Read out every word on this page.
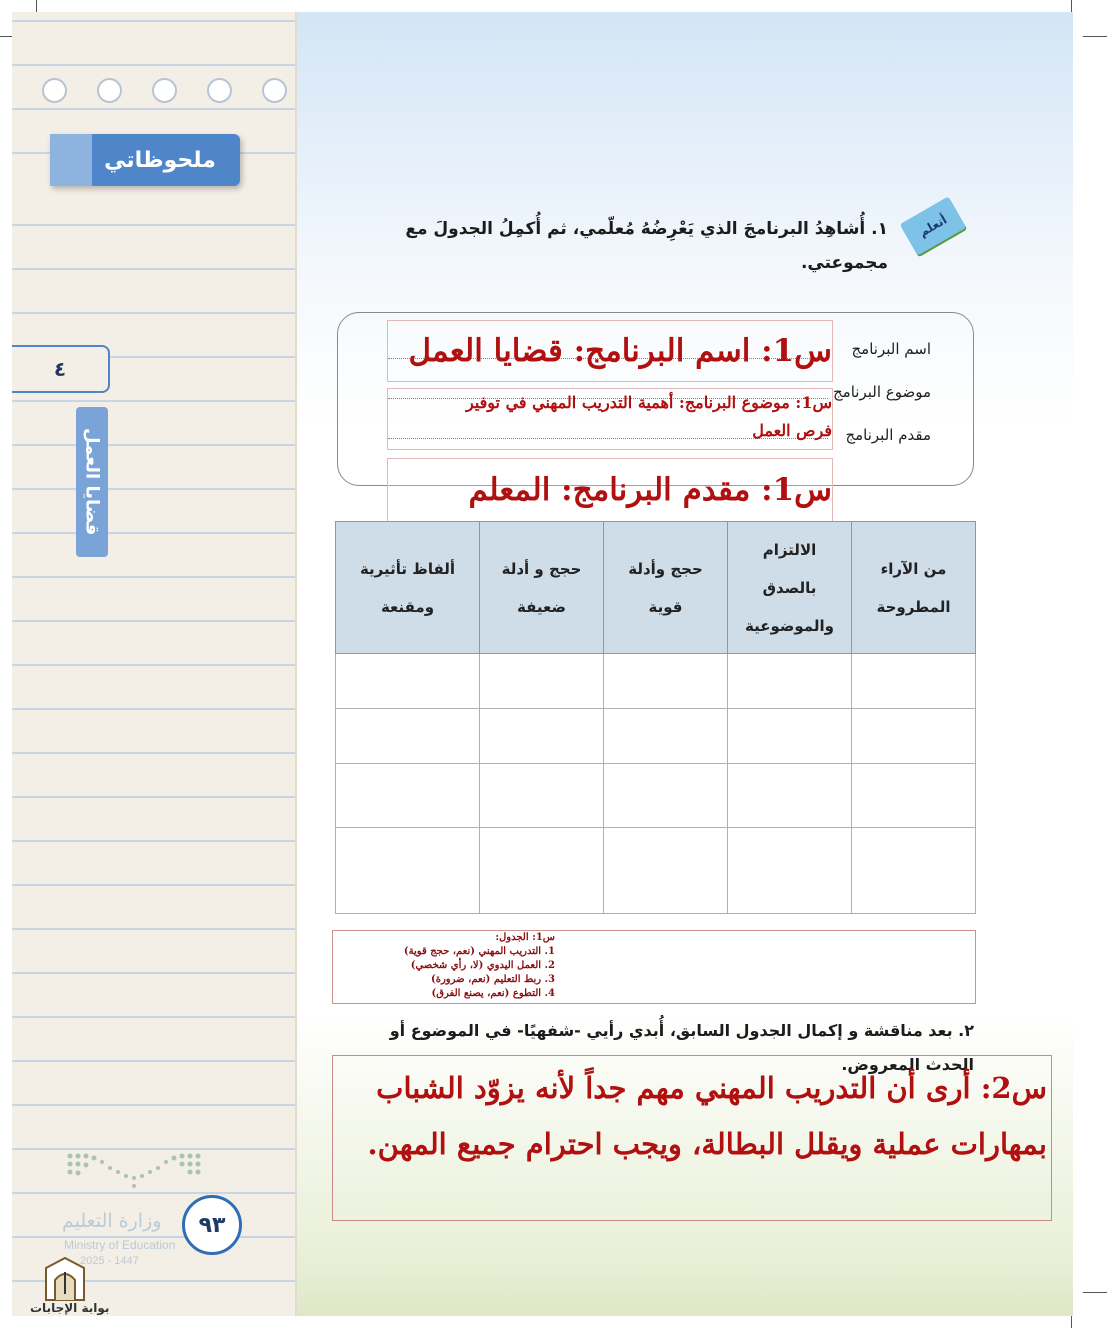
ملحوظاتي
٤
قضايا العمل
وزارة التعليم
Ministry of Education
2025 - 1447
٩٣
بوابة الإجابات
أتعلم
١. أُشاهِدُ البرنامجَ الذي يَعْرِضُهُ مُعلّمي، ثم أُكمِلُ الجدولَ مع مجموعتي.
اسم البرنامج
موضوع البرنامج
مقدم البرنامج
س1: اسم البرنامج: قضايا العمل
س1: موضوع البرنامج: أهمية التدريب المهني في توفير
فرص العمل
س1: مقدم البرنامج: المعلم
من الآراء المطروحة	الالتزام بالصدق والموضوعية	حجج وأدلة قوية	حجج و أدلة ضعيفة	ألفاظ تأثيرية ومقنعة

س1: الجدول:
1. التدريب المهني (نعم، حجج قوية)
2. العمل اليدوي (لا، رأي شخصي)
3. ربط التعليم (نعم، ضرورة)
4. التطوع (نعم، يصنع الفرق)
٢. بعد مناقشة و إكمال الجدول السابق، أُبدي رأيي -شفهيًا- في الموضوع أو الحدث المعروض.
س2: أرى أن التدريب المهني مهم جداً لأنه يزوّد الشباب بمهارات عملية ويقلل البطالة، ويجب احترام جميع المهن.
